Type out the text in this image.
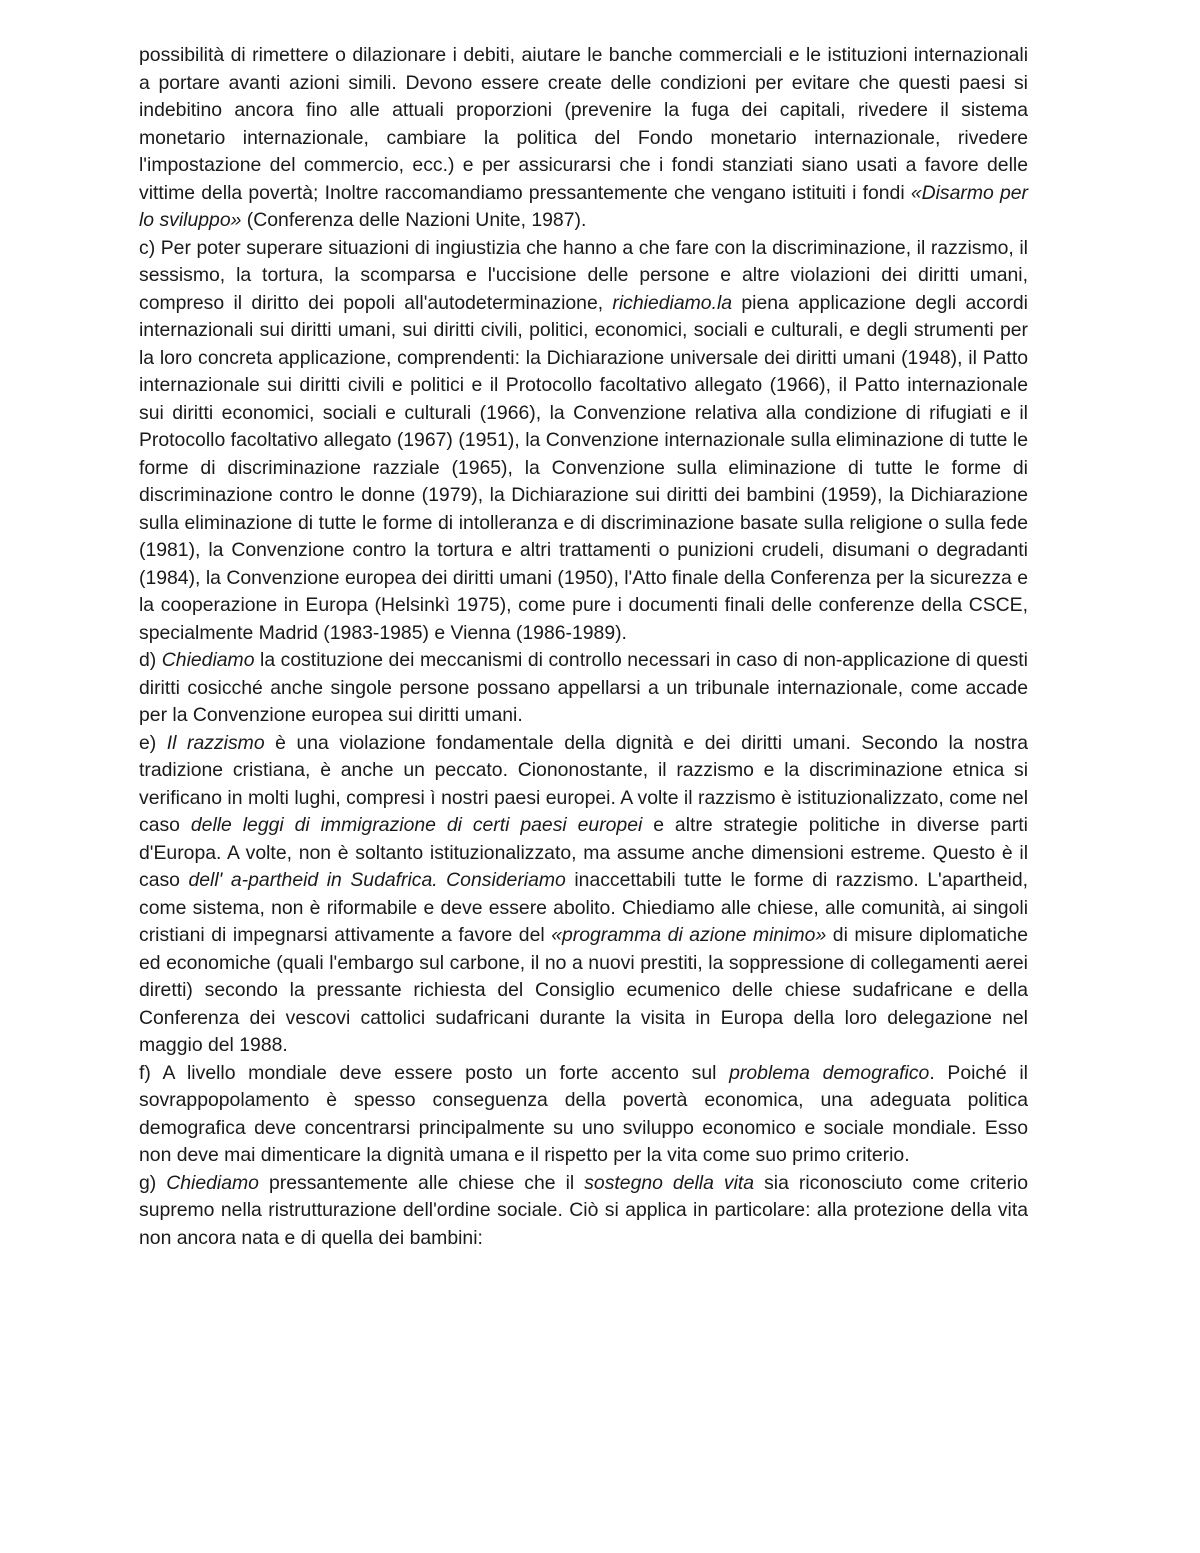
possibilità di rimettere o dilazionare i debiti, aiutare le banche commerciali e le istituzioni internazionali a portare avanti azioni simili. Devono essere create delle condizioni per evitare che questi paesi si indebitino ancora fino alle attuali proporzioni (prevenire la fuga dei capitali, rivedere il sistema monetario internazionale, cambiare la politica del Fondo monetario internazionale, rivedere l'impostazione del commercio, ecc.) e per assicurarsi che i fondi stanziati siano usati a favore delle vittime della povertà; Inoltre raccomandiamo pressantemente che vengano istituiti i fondi «Disarmo per lo sviluppo» (Conferenza delle Nazioni Unite, 1987).

c) Per poter superare situazioni di ingiustizia che hanno a che fare con la discriminazione, il razzismo, il sessismo, la tortura, la scomparsa e l'uccisione delle persone e altre violazioni dei diritti umani, compreso il diritto dei popoli all'autodeterminazione, richiediamo.la piena applicazione degli accordi internazionali sui diritti umani, sui diritti civili, politici, economici, sociali e culturali, e degli strumenti per la loro concreta applicazione, comprendenti: la Dichiarazione universale dei diritti umani (1948), il Patto internazionale sui diritti civili e politici e il Protocollo facoltativo allegato (1966), il Patto internazionale sui diritti economici, sociali e culturali (1966), la Convenzione relativa alla condizione di rifugiati e il Protocollo facoltativo allegato (1967) (1951), la Convenzione internazionale sulla eliminazione di tutte le forme di discriminazione razziale (1965), la Convenzione sulla eliminazione di tutte le forme di discriminazione contro le donne (1979), la Dichiarazione sui diritti dei bambini (1959), la Dichiarazione sulla eliminazione di tutte le forme di intolleranza e di discriminazione basate sulla religione o sulla fede (1981), la Convenzione contro la tortura e altri trattamenti o punizioni crudeli, disumani o degradanti (1984), la Convenzione europea dei diritti umani (1950), l'Atto finale della Conferenza per la sicurezza e la cooperazione in Europa (Helsinkì 1975), come pure i documenti finali delle conferenze della CSCE, specialmente Madrid (1983-1985) e Vienna (1986-1989).

d) Chiediamo la costituzione dei meccanismi di controllo necessari in caso di non-applicazione di questi diritti cosicché anche singole persone possano appellarsi a un tribunale internazionale, come accade per la Convenzione europea sui diritti umani.

e) Il razzismo è una violazione fondamentale della dignità e dei diritti umani. Secondo la nostra tradizione cristiana, è anche un peccato. Ciononostante, il razzismo e la discriminazione etnica si verificano in molti lughi, compresi ì nostri paesi europei. A volte il razzismo è istituzionalizzato, come nel caso delle leggi di immigrazione di certi paesi europei e altre strategie politiche in diverse parti d'Europa. A volte, non è soltanto istituzionalizzato, ma assume anche dimensioni estreme. Questo è il caso dell' a-partheid in Sudafrica. Consideriamo inaccettabili tutte le forme di razzismo. L'apartheid, come sistema, non è riformabile e deve essere abolito. Chiediamo alle chiese, alle comunità, ai singoli cristiani di impegnarsi attivamente a favore del «programma di azione minimo» di misure diplomatiche ed economiche (quali l'embargo sul carbone, il no a nuovi prestiti, la soppressione di collegamenti aerei diretti) secondo la pressante richiesta del Consiglio ecumenico delle chiese sudafricane e della Conferenza dei vescovi cattolici sudafricani durante la visita in Europa della loro delegazione nel maggio del 1988.

f) A livello mondiale deve essere posto un forte accento sul problema demografico. Poiché il sovrappopolamento è spesso conseguenza della povertà economica, una adeguata politica demografica deve concentrarsi principalmente su uno sviluppo economico e sociale mondiale. Esso non deve mai dimenticare la dignità umana e il rispetto per la vita come suo primo criterio.

g) Chiediamo pressantemente alle chiese che il sostegno della vita sia riconosciuto come criterio supremo nella ristrutturazione dell'ordine sociale. Ciò si applica in particolare: alla protezione della vita non ancora nata e di quella dei bambini:
